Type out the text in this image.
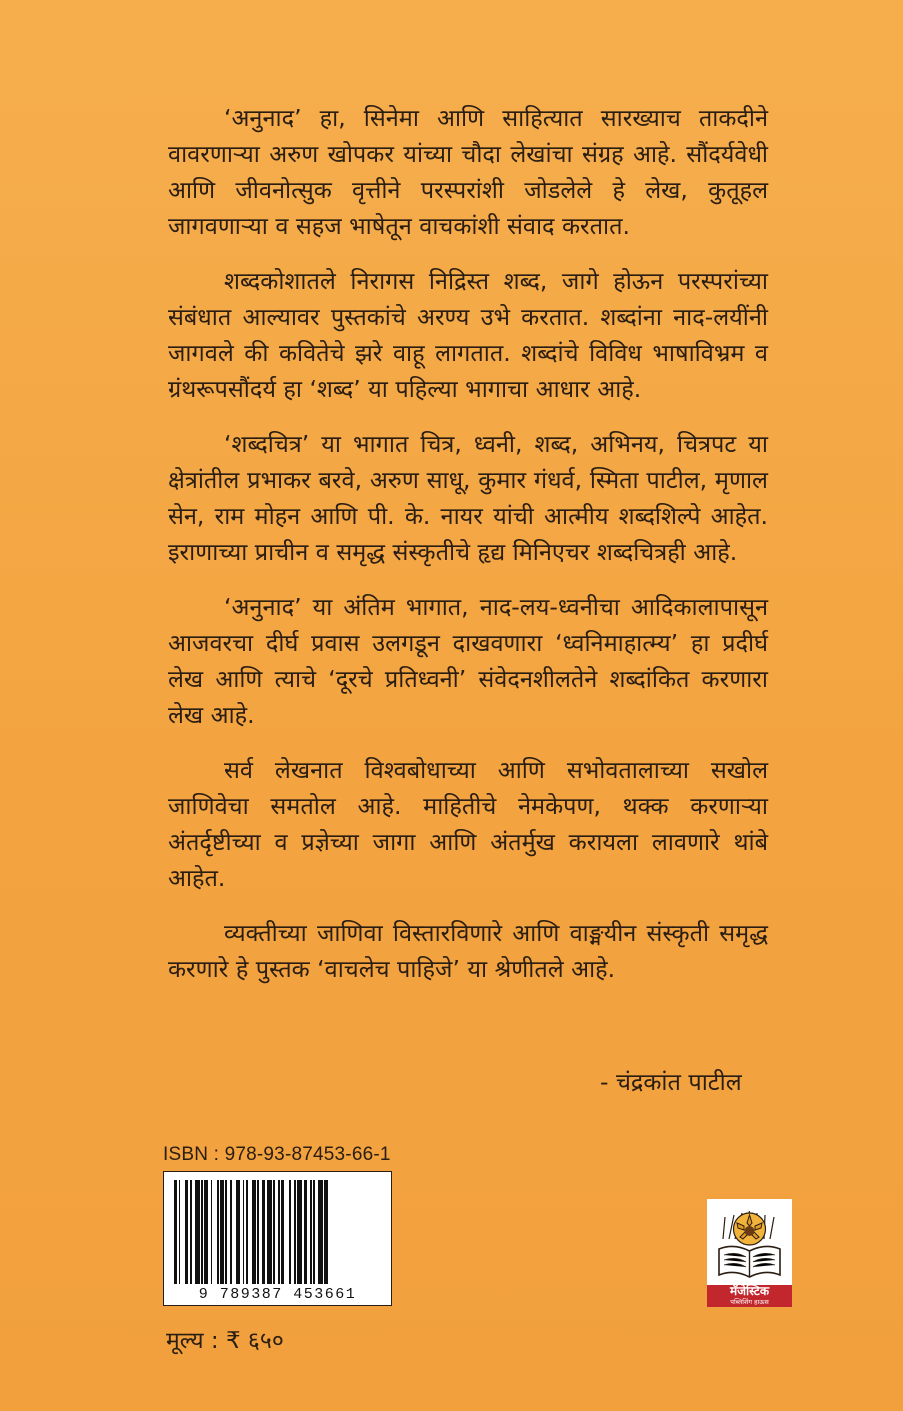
‘अनुनाद’ हा, सिनेमा आणि साहित्यात सारख्याच ताकदीने वावरणाऱ्या अरुण खोपकर यांच्या चौदा लेखांचा संग्रह आहे. सौंदर्यवेधी आणि जीवनोत्सुक वृत्तीने परस्परांशी जोडलेले हे लेख, कुतूहल जागवणाऱ्या व सहज भाषेतून वाचकांशी संवाद करतात.

शब्दकोशातले निरागस निद्रिस्त शब्द, जागे होऊन परस्परांच्या संबंधात आल्यावर पुस्तकांचे अरण्य उभे करतात. शब्दांना नाद-लयींनी जागवले की कवितेचे झरे वाहू लागतात. शब्दांचे विविध भाषाविभ्रम व ग्रंथरूपसौंदर्य हा ‘शब्द’ या पहिल्या भागाचा आधार आहे.

‘शब्दचित्र’ या भागात चित्र, ध्वनी, शब्द, अभिनय, चित्रपट या क्षेत्रांतील प्रभाकर बरवे, अरुण साधू, कुमार गंधर्व, स्मिता पाटील, मृणाल सेन, राम मोहन आणि पी. के. नायर यांची आत्मीय शब्दशिल्पे आहेत. इराणाच्या प्राचीन व समृद्ध संस्कृतीचे हृद्य मिनिएचर शब्दचित्रही आहे.

‘अनुनाद’ या अंतिम भागात, नाद-लय-ध्वनीचा आदिकालापासून आजवरचा दीर्घ प्रवास उलगडून दाखवणारा ‘ध्वनिमाहात्म्य’ हा प्रदीर्घ लेख आणि त्याचे ‘दूरचे प्रतिध्वनी’ संवेदनशीलतेने शब्दांकित करणारा लेख आहे.

सर्व लेखनात विश्वबोधाच्या आणि सभोवतालाच्या सखोल जाणिवेचा समतोल आहे. माहितीचे नेमकेपण, थक्क करणाऱ्या अंतर्दृष्टीच्या व प्रज्ञेच्या जागा आणि अंतर्मुख करायला लावणारे थांबे आहेत.

व्यक्तीच्या जाणिवा विस्तारविणारे आणि वाङ्मयीन संस्कृती समृद्ध करणारे हे पुस्तक ‘वाचलेच पाहिजे’ या श्रेणीतले आहे.

- चंद्रकांत पाटील
ISBN : 978-93-87453-66-1
9 789387 453661
मूल्य : ₹ ६५०
मॅजेस्टिक
पब्लिशिंग हाऊस
